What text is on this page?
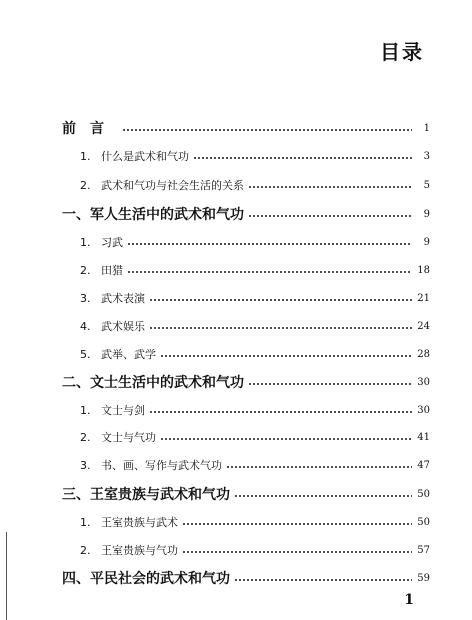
目录
前言	1
1. 什么是武术和气功	3
2. 武术和气功与社会生活的关系	5
一、 军人生活中的武术和气功	9
1. 习武	9
2. 田猎	18
3. 武术表演	21
4. 武术娱乐	24
5. 武举、武学	28
二、 文士生活中的武术和气功	30
1. 文士与剑	30
2. 文士与气功	41
3. 书、画、写作与武术气功	47
三、 王室贵族与武术和气功	50
1. 王室贵族与武术	50
2. 王室贵族与气功	57
四、 平民社会的武术和气功	59
1
